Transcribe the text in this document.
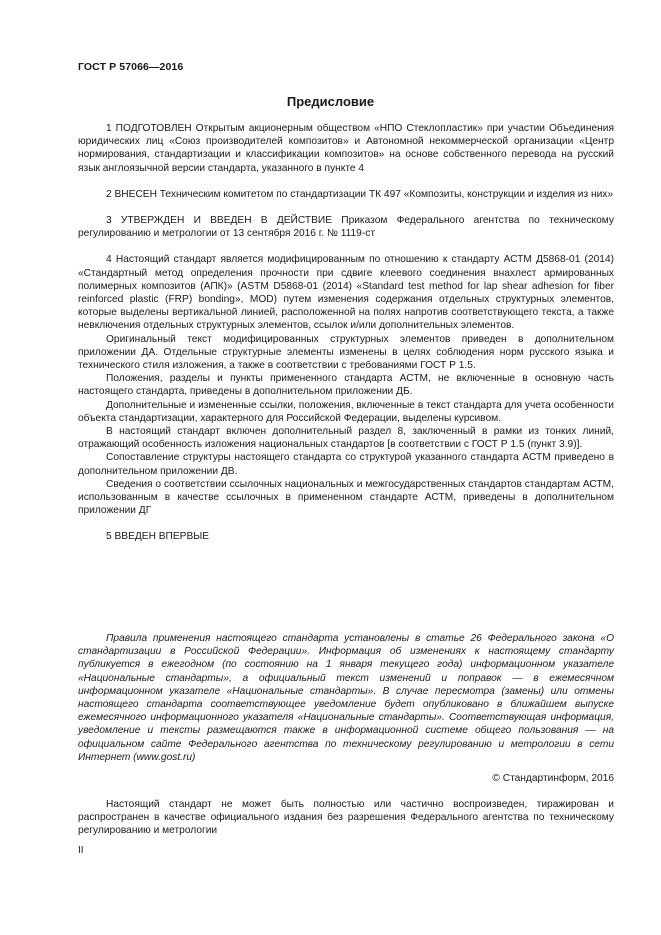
ГОСТ Р 57066—2016
Предисловие

1 ПОДГОТОВЛЕН Открытым акционерным обществом «НПО Стеклопластик» при участии Объединения юридических лиц «Союз производителей композитов» и Автономной некоммерческой организации «Центр нормирования, стандартизации и классификации композитов» на основе собственного перевода на русский язык англоязычной версии стандарта, указанного в пункте 4

2 ВНЕСЕН Техническим комитетом по стандартизации ТК 497 «Композиты, конструкции и изделия из них»

3 УТВЕРЖДЕН И ВВЕДЕН В ДЕЙСТВИЕ Приказом Федерального агентства по техническому регулированию и метрологии от 13 сентября 2016 г. № 1119-ст

4 Настоящий стандарт является модифицированным по отношению к стандарту АСТМ Д5868-01 (2014) «Стандартный метод определения прочности при сдвиге клеевого соединения внахлест армированных полимерных композитов (АПК)» (ASTM D5868-01 (2014) «Standard test method for lap shear adhesion for fiber reinforced plastic (FRP) bonding», MOD) путем изменения содержания отдельных структурных элементов, которые выделены вертикальной линией, расположенной на полях напротив соответствующего текста, а также невключения отдельных структурных элементов, ссылок и/или дополнительных элементов.

Оригинальный текст модифицированных структурных элементов приведен в дополнительном приложении ДА. Отдельные структурные элементы изменены в целях соблюдения норм русского языка и технического стиля изложения, а также в соответствии с требованиями ГОСТ Р 1.5.

Положения, разделы и пункты примененного стандарта АСТМ, не включенные в основную часть настоящего стандарта, приведены в дополнительном приложении ДБ.

Дополнительные и измененные ссылки, положения, включенные в текст стандарта для учета особенности объекта стандартизации, характерного для Российской Федерации, выделены курсивом.

В настоящий стандарт включен дополнительный раздел 8, заключенный в рамки из тонких линий, отражающий особенность изложения национальных стандартов [в соответствии с ГОСТ Р 1.5 (пункт 3.9)].

Сопоставление структуры настоящего стандарта со структурой указанного стандарта АСТМ приведено в дополнительном приложении ДВ.

Сведения о соответствии ссылочных национальных и межгосударственных стандартов стандартам АСТМ, использованным в качестве ссылочных в примененном стандарте АСТМ, приведены в дополнительном приложении ДГ

5 ВВЕДЕН ВПЕРВЫЕ

Правила применения настоящего стандарта установлены в статье 26 Федерального закона «О стандартизации в Российской Федерации». Информация об изменениях к настоящему стандарту публикуется в ежегодном (по состоянию на 1 января текущего года) информационном указателе «Национальные стандарты», а официальный текст изменений и поправок — в ежемесячном информационном указателе «Национальные стандарты». В случае пересмотра (замены) или отмены настоящего стандарта соответствующее уведомление будет опубликовано в ближайшем выпуске ежемесячного информационного указателя «Национальные стандарты». Соответствующая информация, уведомление и тексты размещаются также в информационной системе общего пользования — на официальном сайте Федерального агентства по техническому регулированию и метрологии в сети Интернет (www.gost.ru)

© Стандартинформ, 2016

Настоящий стандарт не может быть полностью или частично воспроизведен, тиражирован и распространен в качестве официального издания без разрешения Федерального агентства по техническому регулированию и метрологии

II
